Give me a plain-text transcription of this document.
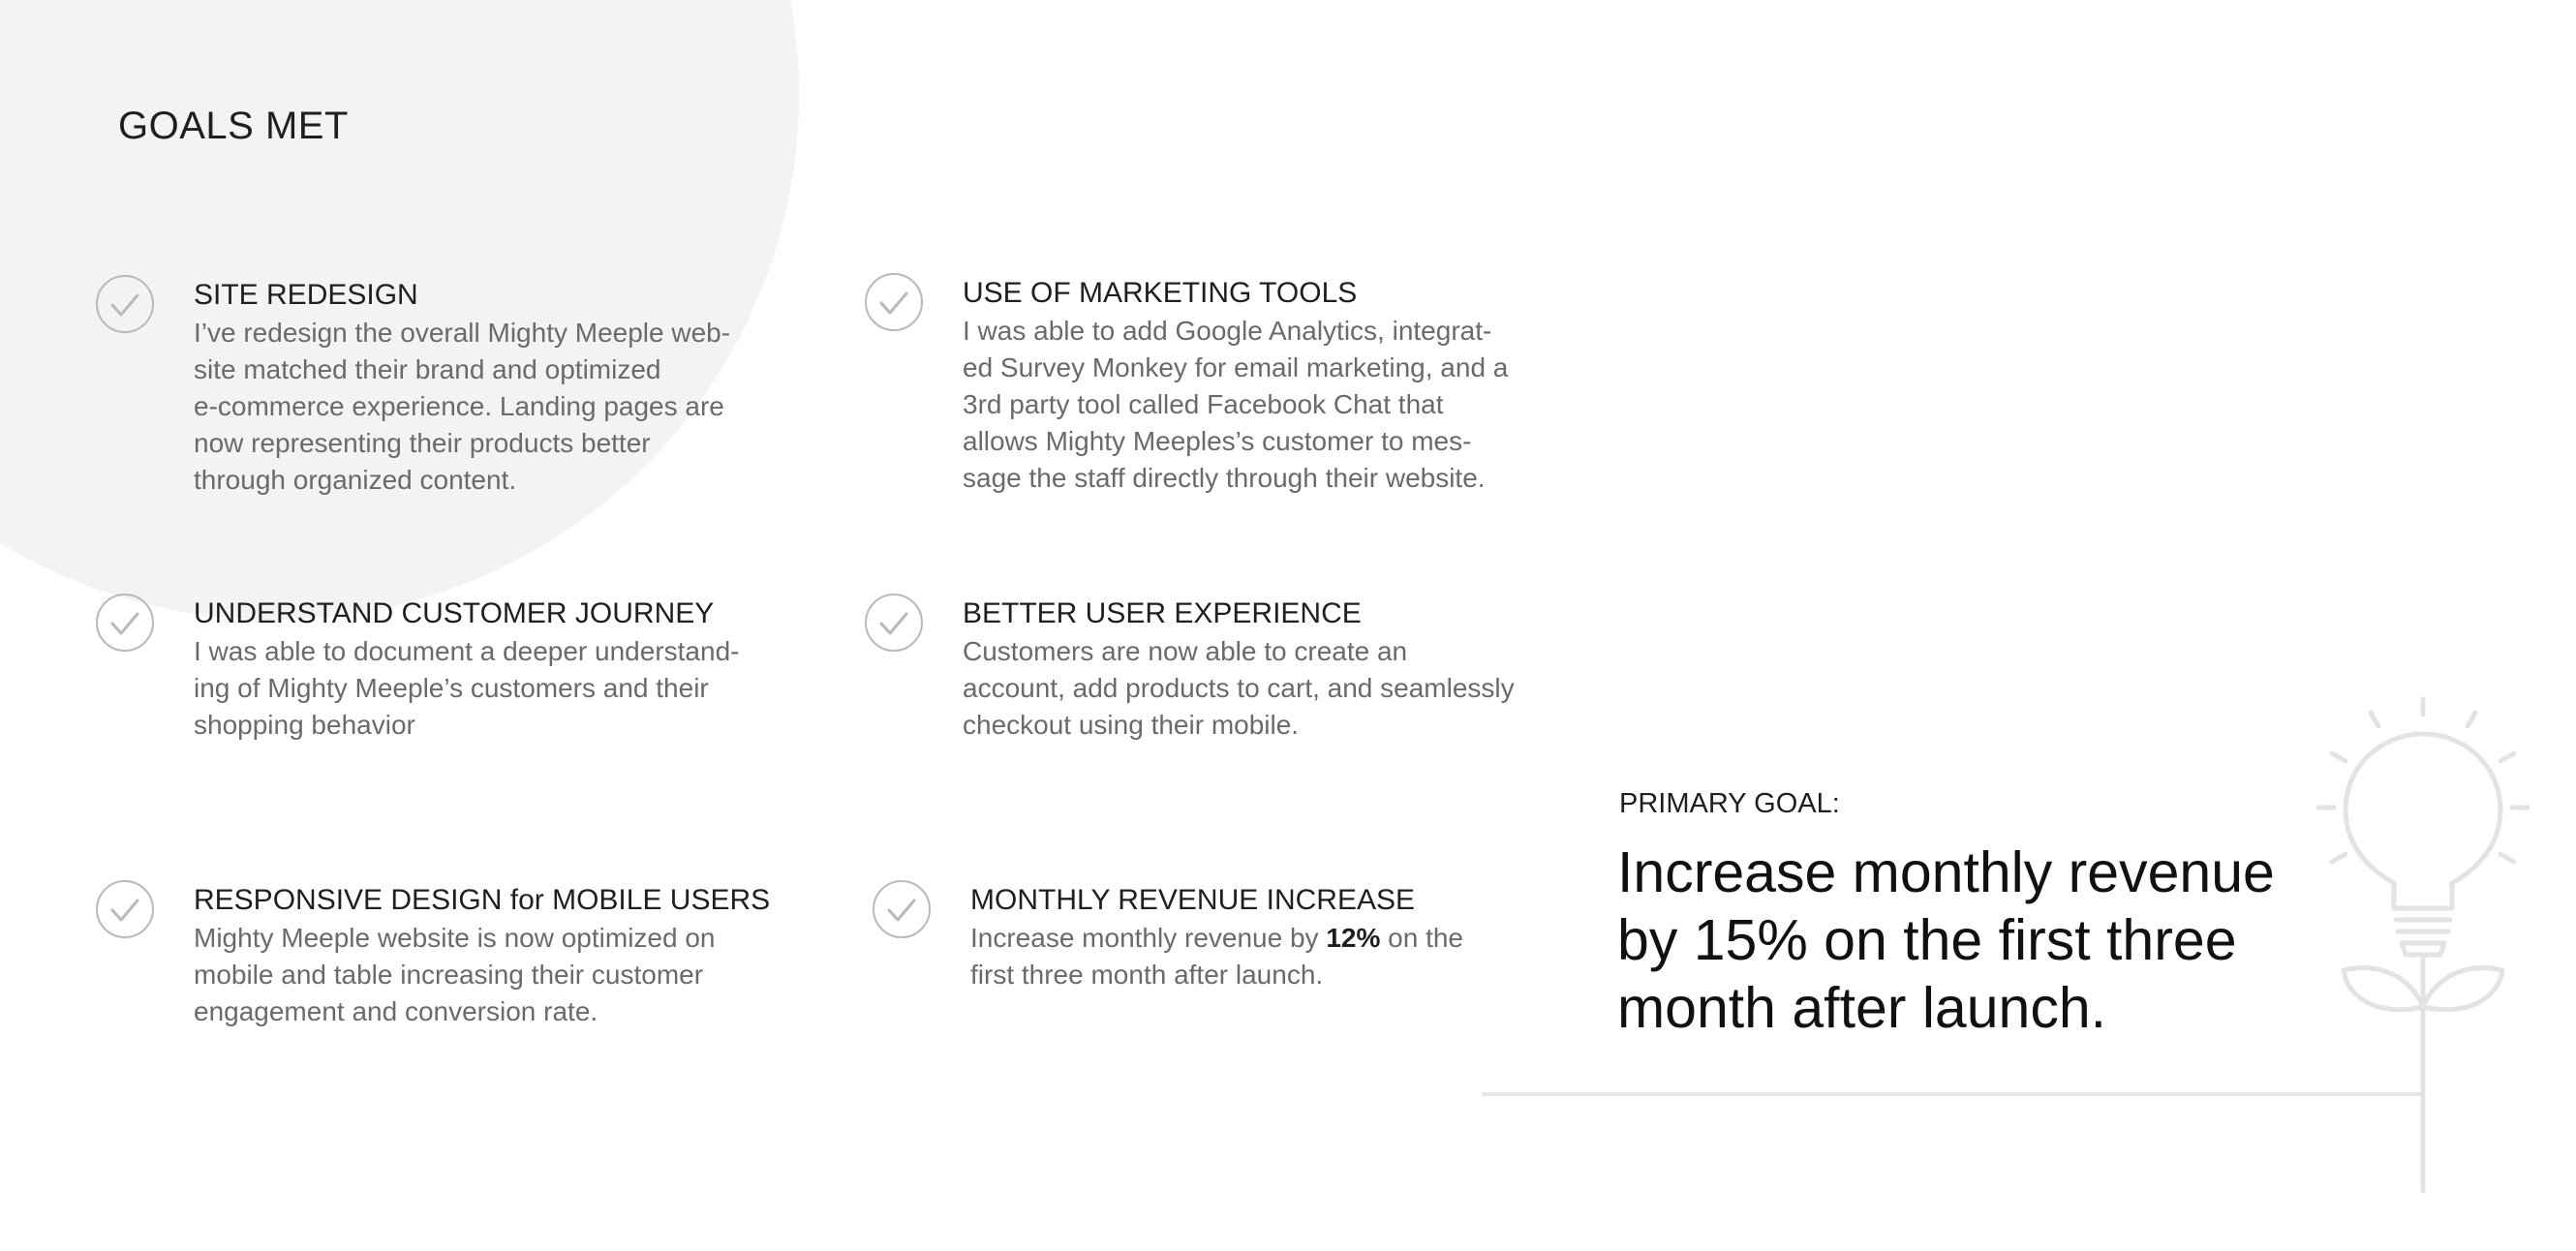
GOALS MET
SITE REDESIGN

I’ve redesign the overall Mighty Meeple web-
site matched their brand and optimized
e-commerce experience. Landing pages are
now representing their products better
through organized content.

USE OF MARKETING TOOLS

I was able to add Google Analytics, integrat-
ed Survey Monkey for email marketing, and a
3rd party tool called Facebook Chat that
allows Mighty Meeples’s customer to mes-
sage the staff directly through their website.

UNDERSTAND CUSTOMER JOURNEY

I was able to document a deeper understand-
ing of Mighty Meeple’s customers and their
shopping behavior

BETTER USER EXPERIENCE

Customers are now able to create an
account, add products to cart, and seamlessly
checkout using their mobile.

RESPONSIVE DESIGN for MOBILE USERS

Mighty Meeple website is now optimized on
mobile and table increasing their customer
engagement and conversion rate.

MONTHLY REVENUE INCREASE

Increase monthly revenue by 12% on the
first three month after launch.

PRIMARY GOAL:

Increase monthly revenue
by 15% on the first three
month after launch.
